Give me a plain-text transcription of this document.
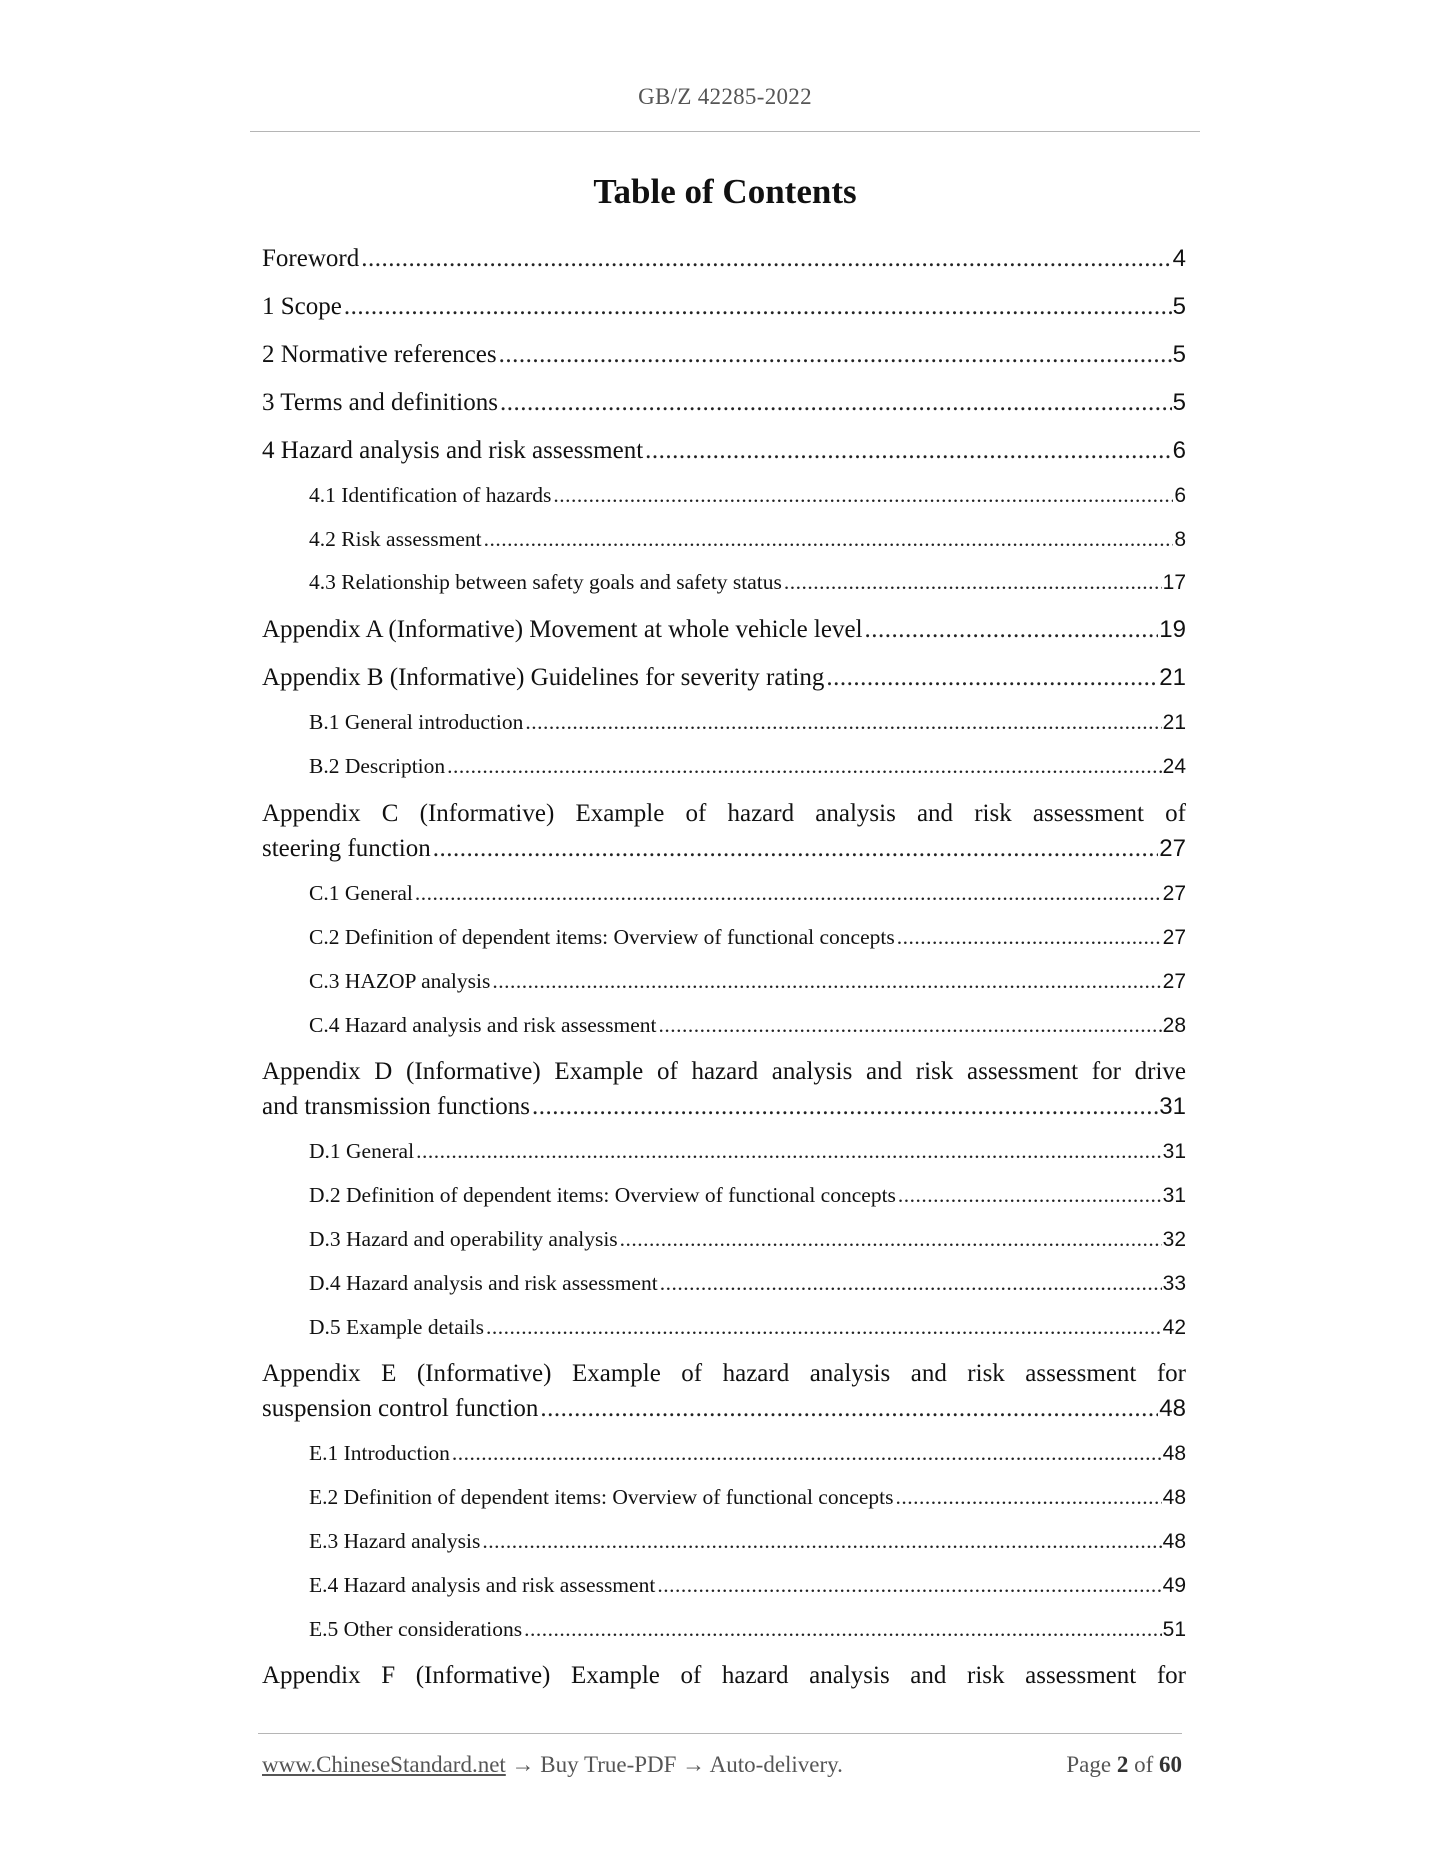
GB/Z 42285-2022
Table of Contents
Foreword .....	4
1 Scope .....	5
2 Normative references .....	5
3 Terms and definitions .....	5
4 Hazard analysis and risk assessment .....	6
4.1 Identification of hazards .....	6
4.2 Risk assessment .....	8
4.3 Relationship between safety goals and safety status .....	17
Appendix A (Informative) Movement at whole vehicle level .....	19
Appendix B (Informative) Guidelines for severity rating .....	21
B.1 General introduction .....	21
B.2 Description .....	24
Appendix C (Informative) Example of hazard analysis and risk assessment of
steering function .....	27
C.1 General .....	27
C.2 Definition of dependent items: Overview of functional concepts .....	27
C.3 HAZOP analysis .....	27
C.4 Hazard analysis and risk assessment .....	28
Appendix D (Informative) Example of hazard analysis and risk assessment for drive
and transmission functions .....	31
D.1 General .....	31
D.2 Definition of dependent items: Overview of functional concepts .....	31
D.3 Hazard and operability analysis .....	32
D.4 Hazard analysis and risk assessment .....	33
D.5 Example details .....	42
Appendix E (Informative) Example of hazard analysis and risk assessment for
suspension control function .....	48
E.1 Introduction .....	48
E.2 Definition of dependent items: Overview of functional concepts .....	48
E.3 Hazard analysis .....	48
E.4 Hazard analysis and risk assessment .....	49
E.5 Other considerations .....	51
Appendix F (Informative) Example of hazard analysis and risk assessment for
www.ChineseStandard.net → Buy True-PDF → Auto-delivery.	Page 2 of 60
